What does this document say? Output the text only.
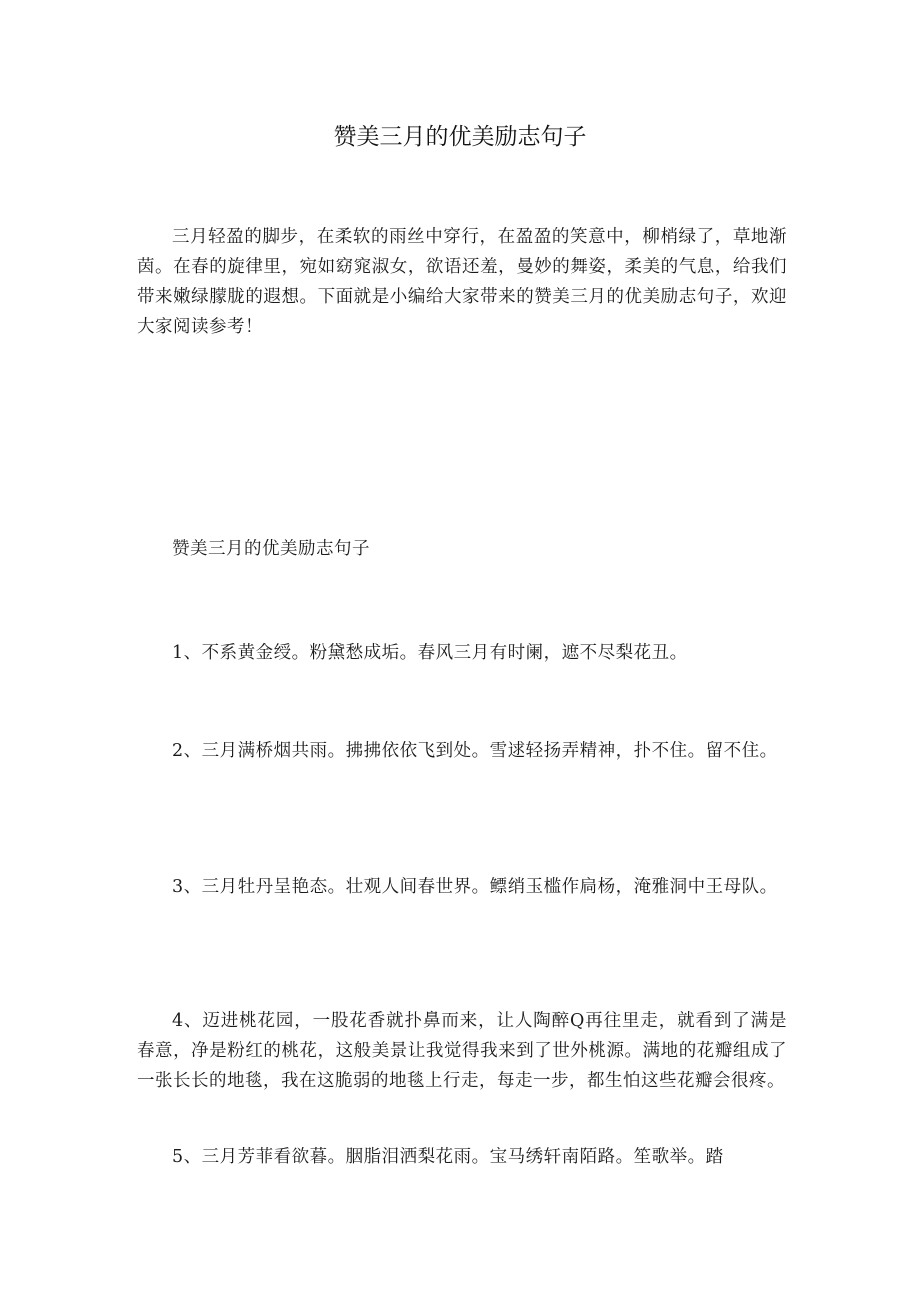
赞美三月的优美励志句子

三月轻盈的脚步，在柔软的雨丝中穿行，在盈盈的笑意中，柳梢绿了，草地渐茵。在春的旋律里，宛如窈窕淑女，欲语还羞，曼妙的舞姿，柔美的气息，给我们带来嫩绿朦胧的遐想。下面就是小编给大家带来的赞美三月的优美励志句子，欢迎大家阅读参考！

赞美三月的优美励志句子

1、不系黄金绶。粉黛愁成垢。春风三月有时阑，遮不尽梨花丑。

2、三月满桥烟共雨。拂拂依依飞到处。雪逑轻扬弄精神，扑不住。留不住。

3、三月牡丹呈艳态。壮观人间春世界。鳔绡玉槛作扃杨，淹雅洞中王母队。

4、迈进桃花园，一股花香就扑鼻而来，让人陶醉Q再往里走，就看到了满是春意，净是粉红的桃花，这般美景让我觉得我来到了世外桃源。满地的花瓣组成了一张长长的地毯，我在这脆弱的地毯上行走，每走一步，都生怕这些花瓣会很疼。

5、三月芳菲看欲暮。胭脂泪洒梨花雨。宝马绣轩南陌路。笙歌举。踏
